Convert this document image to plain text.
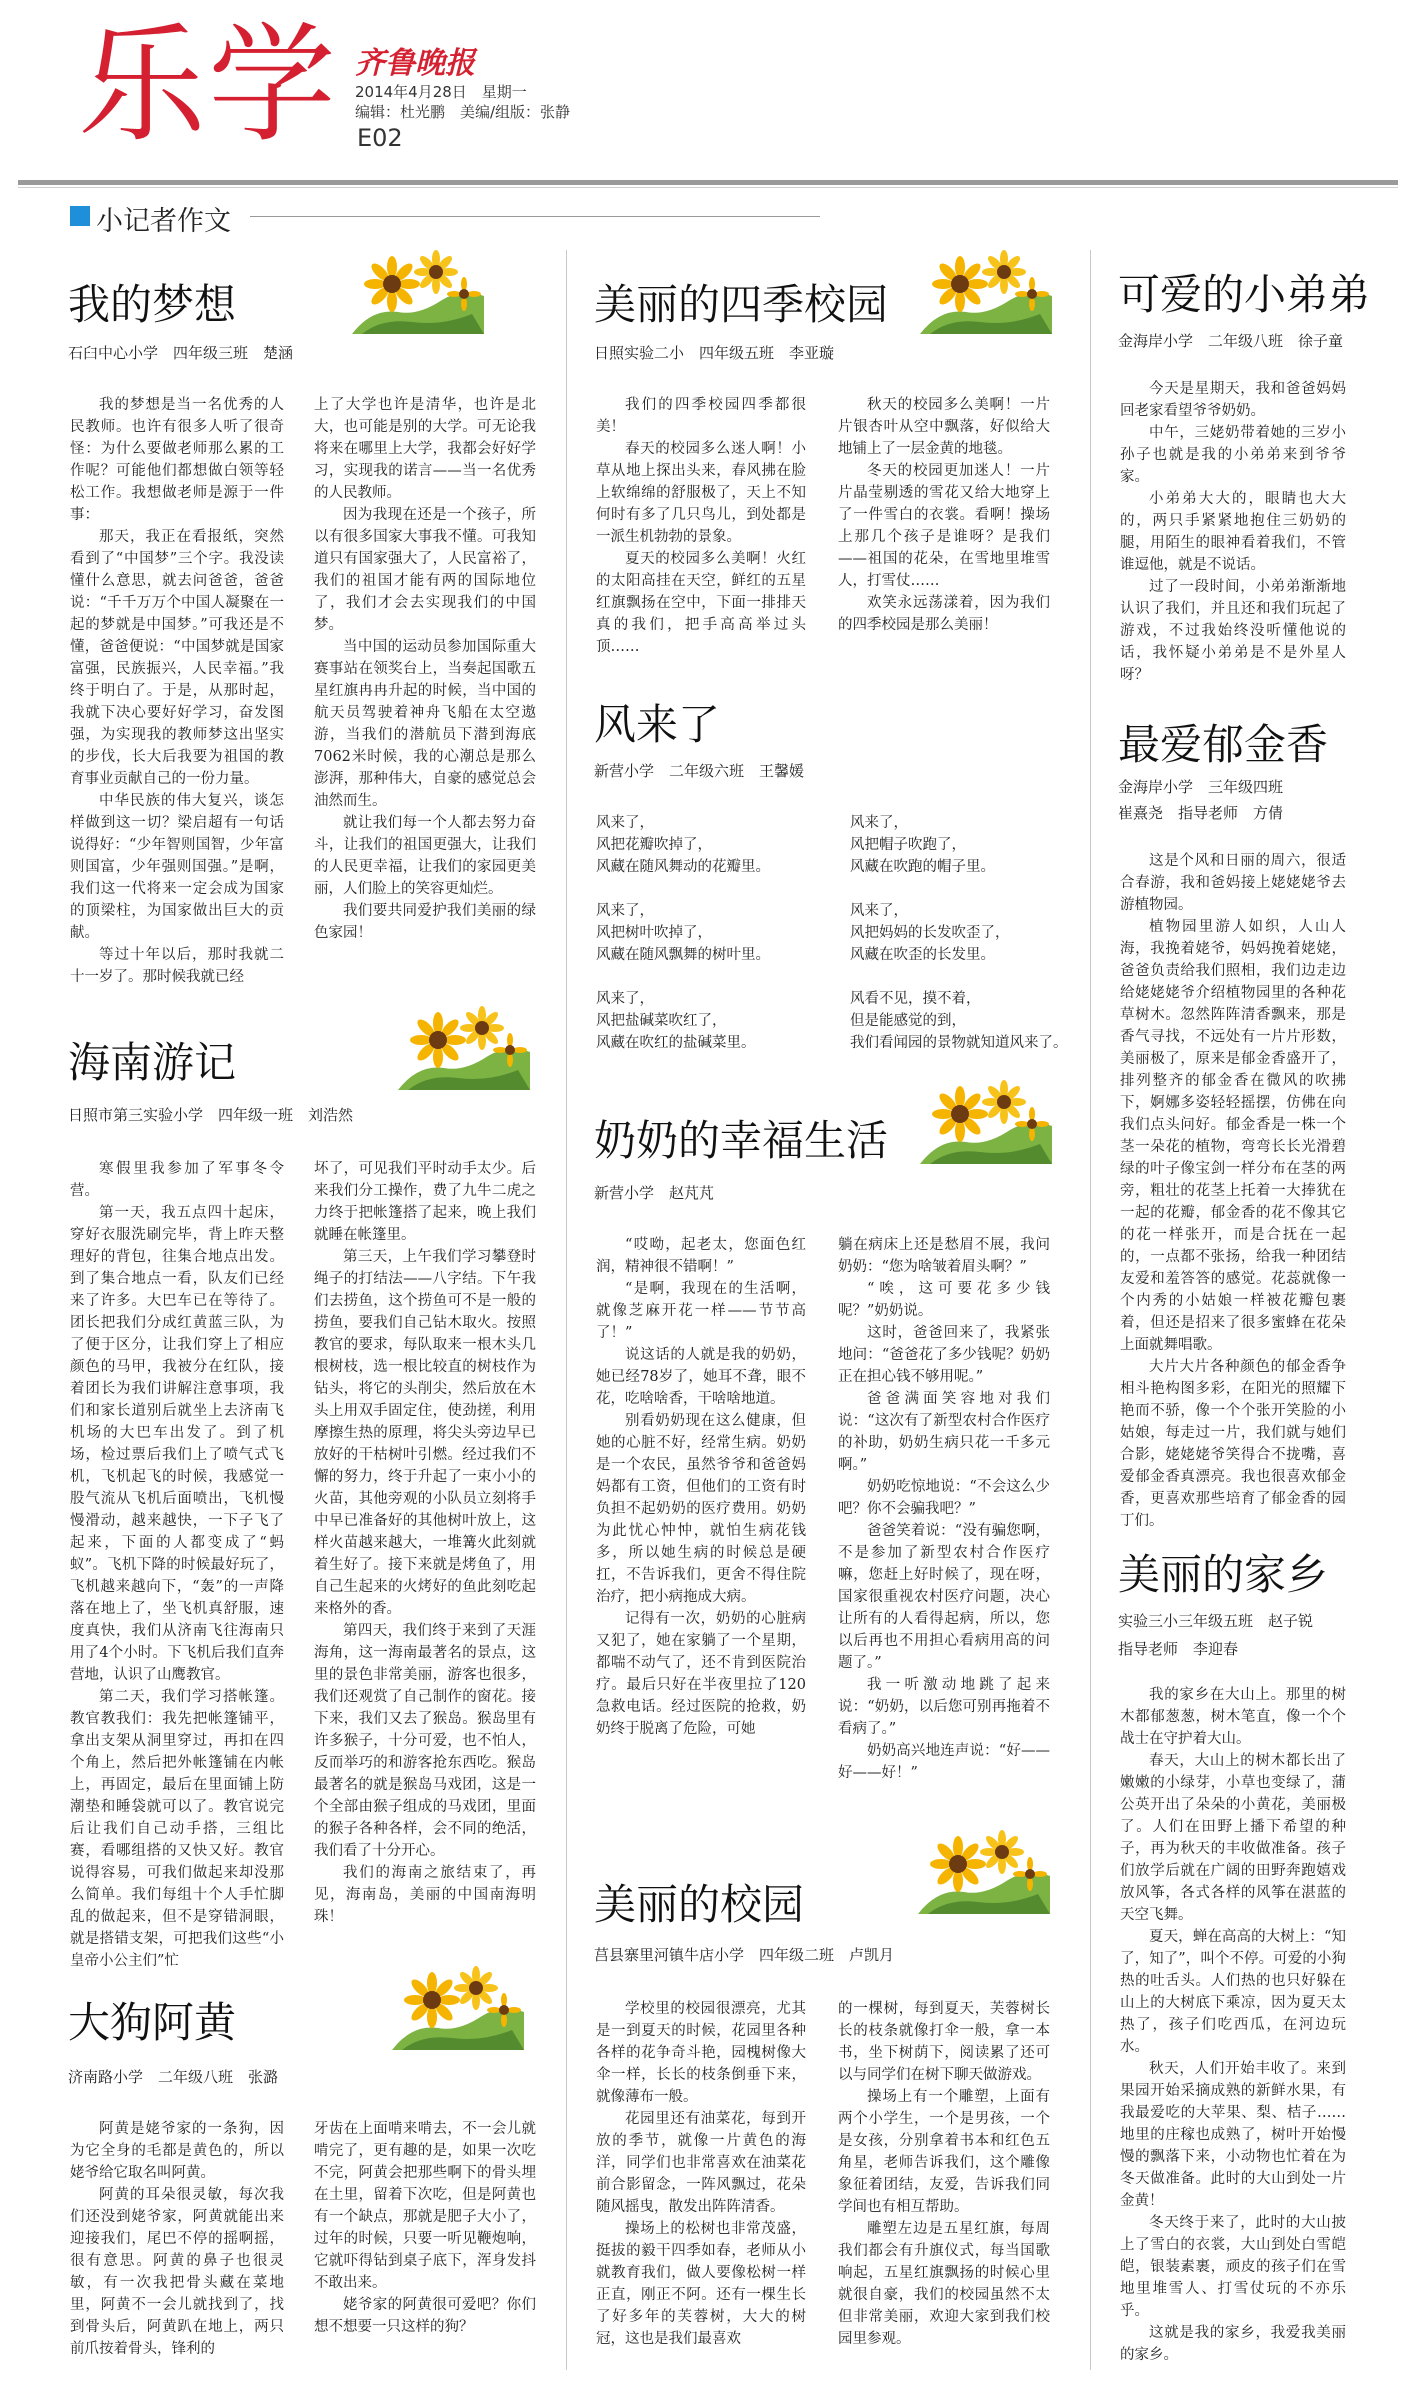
乐学 齐鲁晚报
2014年4月28日　星期一
编辑：杜光鹏　美编/组版：张静
E02
小记者作文
我的梦想
石臼中心小学　四年级三班　楚涵

我的梦想是当一名优秀的人民教师。也许有很多人听了很奇怪：为什么要做老师那么累的工作呢？可能他们都想做白领等轻松工作。我想做老师是源于一件事：

那天，我正在看报纸，突然看到了“中国梦”三个字。我没读懂什么意思，就去问爸爸，爸爸说：“千千万万个中国人凝聚在一起的梦就是中国梦。”可我还是不懂，爸爸便说：“中国梦就是国家富强，民族振兴，人民幸福。”我终于明白了。于是，从那时起，我就下决心要好好学习，奋发图强，为实现我的教师梦这出坚实的步伐，长大后我要为祖国的教育事业贡献自己的一份力量。

中华民族的伟大复兴，谈怎样做到这一切？梁启超有一句话说得好：“少年智则国智，少年富则国富，少年强则国强。”是啊，我们这一代将来一定会成为国家的顶梁柱，为国家做出巨大的贡献。

等过十年以后，那时我就二十一岁了。那时候我就已经

上了大学也许是清华，也许是北大，也可能是别的大学。可无论我将来在哪里上大学，我都会好好学习，实现我的诺言——当一名优秀的人民教师。

因为我现在还是一个孩子，所以有很多国家大事我不懂。可我知道只有国家强大了，人民富裕了，我们的祖国才能有两的国际地位了，我们才会去实现我们的中国梦。

当中国的运动员参加国际重大赛事站在领奖台上，当奏起国歌五星红旗冉冉升起的时候，当中国的航天员驾驶着神舟飞船在太空遨游，当我们的潜航员下潜到海底7062米时候，我的心潮总是那么澎湃，那种伟大，自豪的感觉总会油然而生。

就让我们每一个人都去努力奋斗，让我们的祖国更强大，让我们的人民更幸福，让我们的家园更美丽，人们脸上的笑容更灿烂。

我们要共同爱护我们美丽的绿色家园！

海南游记
日照市第三实验小学　四年级一班　刘浩然

寒假里我参加了军事冬令营。

第一天，我五点四十起床，穿好衣服洗刷完毕，背上昨天整理好的背包，往集合地点出发。到了集合地点一看，队友们已经来了许多。大巴车已在等待了。团长把我们分成红黄蓝三队，为了便于区分，让我们穿上了相应颜色的马甲，我被分在红队，接着团长为我们讲解注意事项，我们和家长道别后就坐上去济南飞机场的大巴车出发了。到了机场，检过票后我们上了喷气式飞机，飞机起飞的时候，我感觉一股气流从飞机后面喷出，飞机慢慢滑动，越来越快，一下子飞了起来，下面的人都变成了“蚂蚁”。飞机下降的时候最好玩了，飞机越来越向下，“轰”的一声降落在地上了，坐飞机真舒服，速度真快，我们从济南飞往海南只用了4个小时。下飞机后我们直奔营地，认识了山鹰教官。

第二天，我们学习搭帐篷。教官教我们：我先把帐篷铺平，拿出支架从洞里穿过，再扣在四个角上，然后把外帐篷铺在内帐上，再固定，最后在里面铺上防潮垫和睡袋就可以了。教官说完后让我们自己动手搭，三组比赛，看哪组搭的又快又好。教官说得容易，可我们做起来却没那么简单。我们每组十个人手忙脚乱的做起来，但不是穿错洞眼，就是搭错支架，可把我们这些“小皇帝小公主们”忙

坏了，可见我们平时动手太少。后来我们分工操作，费了九牛二虎之力终于把帐篷搭了起来，晚上我们就睡在帐篷里。

第三天，上午我们学习攀登时绳子的打结法——八字结。下午我们去捞鱼，这个捞鱼可不是一般的捞鱼，要我们自己钻木取火。按照教官的要求，每队取来一根木头几根树枝，选一根比较直的树枝作为钻头，将它的头削尖，然后放在木头上用双手固定住，使劲搓，利用摩擦生热的原理，将尖头旁边早已放好的干枯树叶引燃。经过我们不懈的努力，终于升起了一束小小的火苗，其他旁观的小队员立刻将手中早已准备好的其他树叶放上，这样火苗越来越大，一堆篝火此刻就着生好了。接下来就是烤鱼了，用自己生起来的火烤好的鱼此刻吃起来格外的香。

第四天，我们终于来到了天涯海角，这一海南最著名的景点，这里的景色非常美丽，游客也很多，我们还观赏了自己制作的窗花。接下来，我们又去了猴岛。猴岛里有许多猴子，十分可爱，也不怕人，反而举巧的和游客抢东西吃。猴岛最著名的就是猴岛马戏团，这是一个全部由猴子组成的马戏团，里面的猴子各种各样，会不同的绝活，我们看了十分开心。

我们的海南之旅结束了，再见，海南岛，美丽的中国南海明珠！

大狗阿黄
济南路小学　二年级八班　张潞

阿黄是姥爷家的一条狗，因为它全身的毛都是黄色的，所以姥爷给它取名叫阿黄。

阿黄的耳朵很灵敏，每次我们还没到姥爷家，阿黄就能出来迎接我们，尾巴不停的摇啊摇，很有意思。阿黄的鼻子也很灵敏，有一次我把骨头藏在菜地里，阿黄不一会儿就找到了，找到骨头后，阿黄趴在地上，两只前爪按着骨头，锋利的

牙齿在上面啃来啃去，不一会儿就啃完了，更有趣的是，如果一次吃不完，阿黄会把那些啊下的骨头埋在土里，留着下次吃，但是阿黄也有一个缺点，那就是肥子大小了，过年的时候，只要一听见鞭炮响，它就吓得钻到桌子底下，浑身发抖不敢出来。

姥爷家的阿黄很可爱吧？你们想不想要一只这样的狗？

美丽的四季校园
日照实验二小　四年级五班　李亚璇

我们的四季校园四季都很美！

春天的校园多么迷人啊！小草从地上探出头来，春风拂在脸上软绵绵的舒服极了，天上不知何时有多了几只鸟儿，到处都是一派生机勃勃的景象。

夏天的校园多么美啊！火红的太阳高挂在天空，鲜红的五星红旗飘扬在空中，下面一排排天真的我们，把手高高举过头顶……

秋天的校园多么美啊！一片片银杏叶从空中飘落，好似给大地铺上了一层金黄的地毯。

冬天的校园更加迷人！一片片晶莹剔透的雪花又给大地穿上了一件雪白的衣裳。看啊！操场上那几个孩子是谁呀？是我们——祖国的花朵，在雪地里堆雪人，打雪仗……

欢笑永远荡漾着，因为我们的四季校园是那么美丽！

风来了
新营小学　二年级六班　王馨媛

风来了，

风把花瓣吹掉了，

风藏在随风舞动的花瓣里。

风来了，

风把树叶吹掉了，

风藏在随风飘舞的树叶里。

风来了，

风把盐碱菜吹红了，

风藏在吹红的盐碱菜里。

风来了，

风把帽子吹跑了，

风藏在吹跑的帽子里。

风来了，

风把妈妈的长发吹歪了，

风藏在吹歪的长发里。

风看不见，摸不着，

但是能感觉的到，

我们看闻园的景物就知道风来了。

奶奶的幸福生活
新营小学　赵芃芃

“哎呦，起老太，您面色红润，精神很不错啊！”

“是啊，我现在的生活啊，就像芝麻开花一样——节节高了！”

说这话的人就是我的奶奶，她已经78岁了，她耳不聋，眼不花，吃啥啥香，干啥啥地道。

别看奶奶现在这么健康，但她的心脏不好，经常生病。奶奶是一个农民，虽然爷爷和爸爸妈妈都有工资，但他们的工资有时负担不起奶奶的医疗费用。奶奶为此忧心忡忡，就怕生病花钱多，所以她生病的时候总是硬扛，不告诉我们，更舍不得住院治疗，把小病拖成大病。

记得有一次，奶奶的心脏病又犯了，她在家躺了一个星期，都喘不动气了，还不肯到医院治疗。最后只好在半夜里拉了120急救电话。经过医院的抢救，奶奶终于脱离了危险，可她

躺在病床上还是愁眉不展，我问奶奶：“您为啥皱着眉头啊？”

“唉，这可要花多少钱呢？”奶奶说。

这时，爸爸回来了，我紧张地问：“爸爸花了多少钱呢？奶奶正在担心钱不够用呢。”

爸爸满面笑容地对我们说：“这次有了新型农村合作医疗的补助，奶奶生病只花一千多元啊。”

奶奶吃惊地说：“不会这么少吧？你不会骗我吧？”

爸爸笑着说：“没有骗您啊，不是参加了新型农村合作医疗嘛，您赶上好时候了，现在呀，国家很重视农村医疗问题，决心让所有的人看得起病，所以，您以后再也不用担心看病用高的问题了。”

我一听激动地跳了起来说：“奶奶，以后您可别再拖着不看病了。”

奶奶高兴地连声说：“好——好——好！”

美丽的校园
莒县寨里河镇牛店小学　四年级二班　卢凯月

学校里的校园很漂亮，尤其是一到夏天的时候，花园里各种各样的花争奇斗艳，园槐树像大伞一样，长长的枝条倒垂下来，就像薄布一般。

花园里还有油菜花，每到开放的季节，就像一片黄色的海洋，同学们也非常喜欢在油菜花前合影留念，一阵风飘过，花朵随风摇曳，散发出阵阵清香。

操场上的松树也非常茂盛，挺拔的毅干四季如春，老师从小就教育我们，做人要像松树一样正直，刚正不阿。还有一棵生长了好多年的芙蓉树，大大的树冠，这也是我们最喜欢

的一棵树，每到夏天，芙蓉树长长的枝条就像打伞一般，拿一本书，坐下树荫下，阅读累了还可以与同学们在树下聊天做游戏。

操场上有一个雕塑，上面有两个小学生，一个是男孩，一个是女孩，分别拿着书本和红色五角星，老师告诉我们，这个雕像象征着团结，友爱，告诉我们同学间也有相互帮助。

雕塑左边是五星红旗，每周我们都会有升旗仪式，每当国歌响起，五星红旗飘扬的时候心里就很自豪，我们的校园虽然不太但非常美丽，欢迎大家到我们校园里参观。

可爱的小弟弟
金海岸小学　二年级八班　徐子童

今天是星期天，我和爸爸妈妈回老家看望爷爷奶奶。

中午，三姥奶带着她的三岁小孙子也就是我的小弟弟来到爷爷家。

小弟弟大大的，眼睛也大大的，两只手紧紧地抱住三奶奶的腿，用陌生的眼神看着我们，不管谁逗他，就是不说话。

过了一段时间，小弟弟渐渐地认识了我们，并且还和我们玩起了游戏，不过我始终没听懂他说的话，我怀疑小弟弟是不是外星人呀？

最爱郁金香
金海岸小学　三年级四班
崔熹尧　指导老师　方倩

这是个风和日丽的周六，很适合春游，我和爸妈接上姥姥姥爷去游植物园。

植物园里游人如织，人山人海，我挽着姥爷，妈妈挽着姥姥，爸爸负责给我们照相，我们边走边给姥姥姥爷介绍植物园里的各种花草树木。忽然阵阵清香飘来，那是香气寻找，不远处有一片片形数，美丽极了，原来是郁金香盛开了，排列整齐的郁金香在微风的吹拂下，婀娜多姿轻轻摇摆，仿佛在向我们点头问好。郁金香是一株一个茎一朵花的植物，弯弯长长光滑碧绿的叶子像宝剑一样分布在茎的两旁，粗壮的花茎上托着一大捧犹在一起的花瓣，郁金香的花不像其它的花一样张开，而是合抚在一起的，一点都不张扬，给我一种团结友爱和羞答答的感觉。花蕊就像一个内秀的小姑娘一样被花瓣包裹着，但还是招来了很多蜜蜂在花朵上面就舞唱歌。

大片大片各种颜色的郁金香争相斗艳构图多彩，在阳光的照耀下艳而不骄，像一个个张开笑脸的小姑娘，每走过一片，我们就与她们合影，姥姥姥爷笑得合不拢嘴，喜爱郁金香真漂亮。我也很喜欢郁金香，更喜欢那些培育了郁金香的园丁们。

美丽的家乡
实验三小三年级五班　赵子锐
指导老师　李迎春

我的家乡在大山上。那里的树木都郁葱葱，树木笔直，像一个个战士在守护着大山。

春天，大山上的树木都长出了嫩嫩的小绿芽，小草也变绿了，蒲公英开出了朵朵的小黄花，美丽极了。人们在田野上播下希望的种子，再为秋天的丰收做准备。孩子们放学后就在广阔的田野奔跑嬉戏放风筝，各式各样的风筝在湛蓝的天空飞舞。

夏天，蝉在高高的大树上：“知了，知了”，叫个不停。可爱的小狗热的吐舌头。人们热的也只好躲在山上的大树底下乘凉，因为夏天太热了，孩子们吃西瓜，在河边玩水。

秋天，人们开始丰收了。来到果园开始采摘成熟的新鲜水果，有我最爱吃的大苹果、梨、桔子……地里的庄稼也成熟了，树叶开始慢慢的飘落下来，小动物也忙着在为冬天做准备。此时的大山到处一片金黄！

冬天终于来了，此时的大山披上了雪白的衣裳，大山到处白雪皑皑，银装素裹，顽皮的孩子们在雪地里堆雪人、打雪仗玩的不亦乐乎。

这就是我的家乡，我爱我美丽的家乡。
